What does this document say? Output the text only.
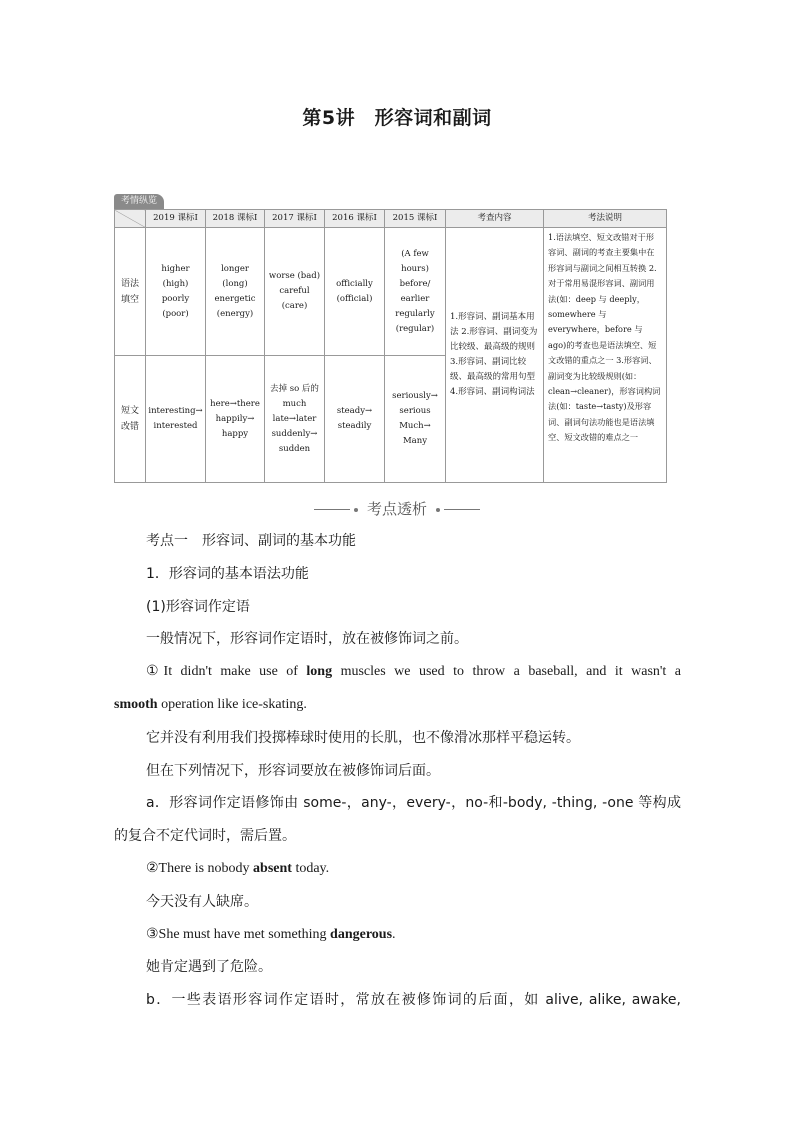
第5讲　形容词和副词
考情纵览
	2019 课标Ⅰ	2018 课标Ⅰ	2017 课标Ⅰ	2016 课标Ⅰ	2015 课标Ⅰ	考查内容	考法说明
语法填空	higher (high) poorly (poor)	longer (long) energetic (energy)	worse (bad) careful (care)	officially (official)	(A few hours) before/ earlier regularly (regular)	1.形容词、副词基本用法 2.形容词、副词变为比较级、最高级的规则 3.形容词、副词比较级、最高级的常用句型 4.形容词、副词构词法	1.语法填空、短文改错对于形容词、副词的考查主要集中在形容词与副词之间相互转换 2.对于常用易混形容词、副词用法(如：deep 与 deeply，somewhere 与 everywhere，before 与 ago)的考查也是语法填空、短文改错的重点之一 3.形容词、副词变为比较级规则(如：clean→cleaner)，形容词构词法(如：taste→tasty)及形容词、副词句法功能也是语法填空、短文改错的难点之一
短文改错	interesting→ interested	here→there happily→ happy	去掉 so 后的 much late→later suddenly→ sudden	steady→ steadily	seriously→ serious Much→ Many		
考点透析

考点一　形容词、副词的基本功能

1．形容词的基本语法功能

(1)形容词作定语

一般情况下，形容词作定语时，放在被修饰词之前。

①It didn't make use of long muscles we used to throw a baseball, and it wasn't a

smooth operation like ice-skating.

它并没有利用我们投掷棒球时使用的长肌，也不像滑冰那样平稳运转。

但在下列情况下，形容词要放在被修饰词后面。

a．形容词作定语修饰由 some-，any-，every-，no-和-body, -thing, -one 等构成

的复合不定代词时，需后置。

②There is nobody absent today.

今天没有人缺席。

③She must have met something dangerous.

她肯定遇到了危险。

b．一些表语形容词作定语时，常放在被修饰词的后面，如 alive, alike, awake,
